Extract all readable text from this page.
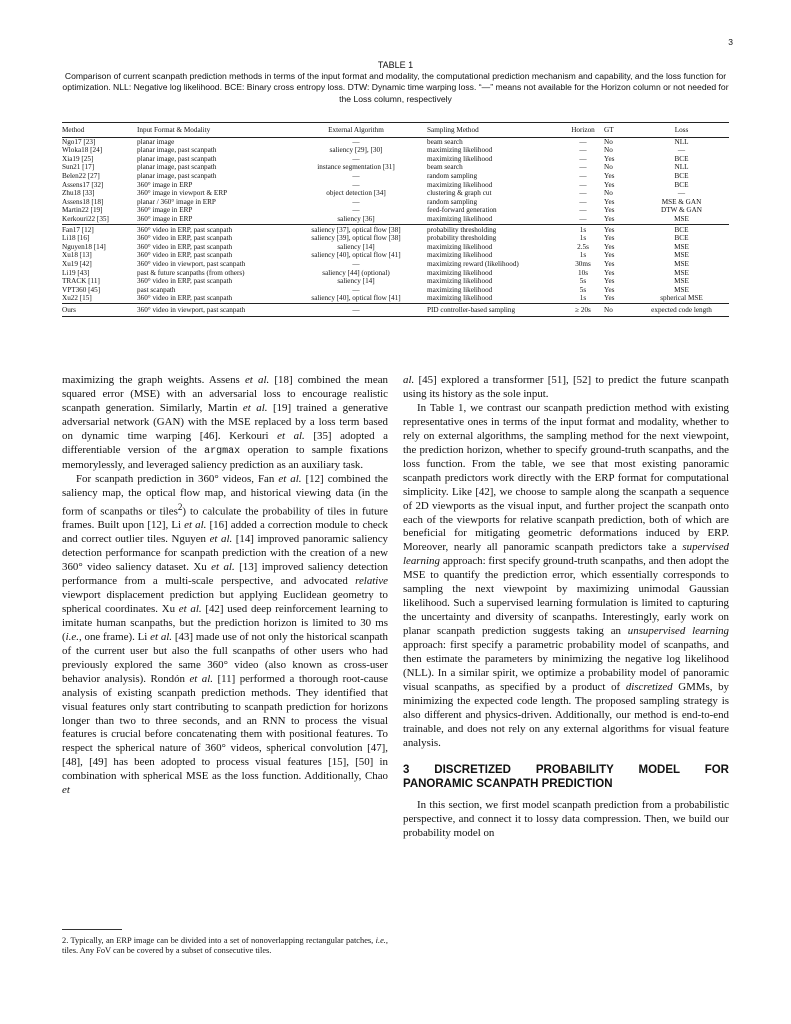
3
TABLE 1
Comparison of current scanpath prediction methods in terms of the input format and modality, the computational prediction mechanism and capability, and the loss function for optimization. NLL: Negative log likelihood. BCE: Binary cross entropy loss. DTW: Dynamic time warping loss. “—” means not available for the Horizon column or not needed for the Loss column, respectively
Method	Input Format & Modality	External Algorithm	Sampling Method	Horizon	GT	Loss
Ngo17 [23]	planar image	—	beam search	—	No	NLL
Wloka18 [24]	planar image, past scanpath	saliency [29], [30]	maximizing likelihood	—	No	—
Xia19 [25]	planar image, past scanpath	—	maximizing likelihood	—	Yes	BCE
Sun21 [17]	planar image, past scanpath	instance segmentation [31]	beam search	—	No	NLL
Belen22 [27]	planar image, past scanpath	—	random sampling	—	Yes	BCE
Assens17 [32]	360° image in ERP	—	maximizing likelihood	—	Yes	BCE
Zhu18 [33]	360° image in viewport & ERP	object detection [34]	clustering & graph cut	—	No	—
Assens18 [18]	planar / 360° image in ERP	—	random sampling	—	Yes	MSE & GAN
Martin22 [19]	360° image in ERP	—	feed-forward generation	—	Yes	DTW & GAN
Kerkouri22 [35]	360° image in ERP	saliency [36]	maximizing likelihood	—	Yes	MSE
Fan17 [12]	360° video in ERP, past scanpath	saliency [37], optical flow [38]	probability thresholding	1s	Yes	BCE
Li18 [16]	360° video in ERP, past scanpath	saliency [39], optical flow [38]	probability thresholding	1s	Yes	BCE
Nguyen18 [14]	360° video in ERP, past scanpath	saliency [14]	maximizing likelihood	2.5s	Yes	MSE
Xu18 [13]	360° video in ERP, past scanpath	saliency [40], optical flow [41]	maximizing likelihood	1s	Yes	MSE
Xu19 [42]	360° video in viewport, past scanpath	—	maximizing reward (likelihood)	30ms	Yes	MSE
Li19 [43]	past & future scanpaths (from others)	saliency [44] (optional)	maximizing likelihood	10s	Yes	MSE
TRACK [11]	360° video in ERP, past scanpath	saliency [14]	maximizing likelihood	5s	Yes	MSE
VPT360 [45]	past scanpath	—	maximizing likelihood	5s	Yes	MSE
Xu22 [15]	360° video in ERP, past scanpath	saliency [40], optical flow [41]	maximizing likelihood	1s	Yes	spherical MSE
Ours	360° video in viewport, past scanpath	—	PID controller-based sampling	≥ 20s	No	expected code length

maximizing the graph weights. Assens et al. [18] combined the mean squared error (MSE) with an adversarial loss to encourage realistic scanpath generation. Similarly, Martin et al. [19] trained a generative adversarial network (GAN) with the MSE replaced by a loss term based on dynamic time warping [46]. Kerkouri et al. [35] adopted a differentiable version of the argmax operation to sample fixations memorylessly, and leveraged saliency prediction as an auxiliary task.

For scanpath prediction in 360° videos, Fan et al. [12] combined the saliency map, the optical flow map, and historical viewing data (in the form of scanpaths or tiles$^2$) to calculate the probability of tiles in future frames. Built upon [12], Li et al. [16] added a correction module to check and correct outlier tiles. Nguyen et al. [14] improved panoramic saliency detection performance for scanpath prediction with the creation of a new 360° video saliency dataset. Xu et al. [13] improved saliency detection performance from a multi-scale perspective, and advocated relative viewport displacement prediction but applying Euclidean geometry to spherical coordinates. Xu et al. [42] used deep reinforcement learning to imitate human scanpaths, but the prediction horizon is limited to 30 ms (i.e., one frame). Li et al. [43] made use of not only the historical scanpath of the current user but also the full scanpaths of other users who had previously explored the same 360° video (also known as cross-user behavior analysis). Rondón et al. [11] performed a thorough root-cause analysis of existing scanpath prediction methods. They identified that visual features only start contributing to scanpath prediction for horizons longer than two to three seconds, and an RNN to process the visual features is crucial before concatenating them with positional features. To respect the spherical nature of 360° videos, spherical convolution [47], [48], [49] has been adopted to process visual features [15], [50] in combination with spherical MSE as the loss function. Additionally, Chao et

2. Typically, an ERP image can be divided into a set of nonoverlapping rectangular patches, i.e., tiles. Any FoV can be covered by a subset of consecutive tiles.

al. [45] explored a transformer [51], [52] to predict the future scanpath using its history as the sole input.

In Table 1, we contrast our scanpath prediction method with existing representative ones in terms of the input format and modality, whether to rely on external algorithms, the sampling method for the next viewpoint, the prediction horizon, whether to specify ground-truth scanpaths, and the loss function. From the table, we see that most existing panoramic scanpath predictors work directly with the ERP format for computational simplicity. Like [42], we choose to sample along the scanpath a sequence of 2D viewports as the visual input, and further project the scanpath onto each of the viewports for relative scanpath prediction, both of which are beneficial for mitigating geometric deformations induced by ERP. Moreover, nearly all panoramic scanpath predictors take a supervised learning approach: first specify ground-truth scanpaths, and then adopt the MSE to quantify the prediction error, which essentially corresponds to sampling the next viewpoint by maximizing unimodal Gaussian likelihood. Such a supervised learning formulation is limited to capturing the uncertainty and diversity of scanpaths. Interestingly, early work on planar scanpath prediction suggests taking an unsupervised learning approach: first specify a parametric probability model of scanpaths, and then estimate the parameters by minimizing the negative log likelihood (NLL). In a similar spirit, we optimize a probability model of panoramic visual scanpaths, as specified by a product of discretized GMMs, by minimizing the expected code length. The proposed sampling strategy is also different and physics-driven. Additionally, our method is end-to-end trainable, and does not rely on any external algorithms for visual feature analysis.

3 DISCRETIZED PROBABILITY MODEL FOR
PANORAMIC SCANPATH PREDICTION

In this section, we first model scanpath prediction from a probabilistic perspective, and connect it to lossy data compression. Then, we build our probability model on
